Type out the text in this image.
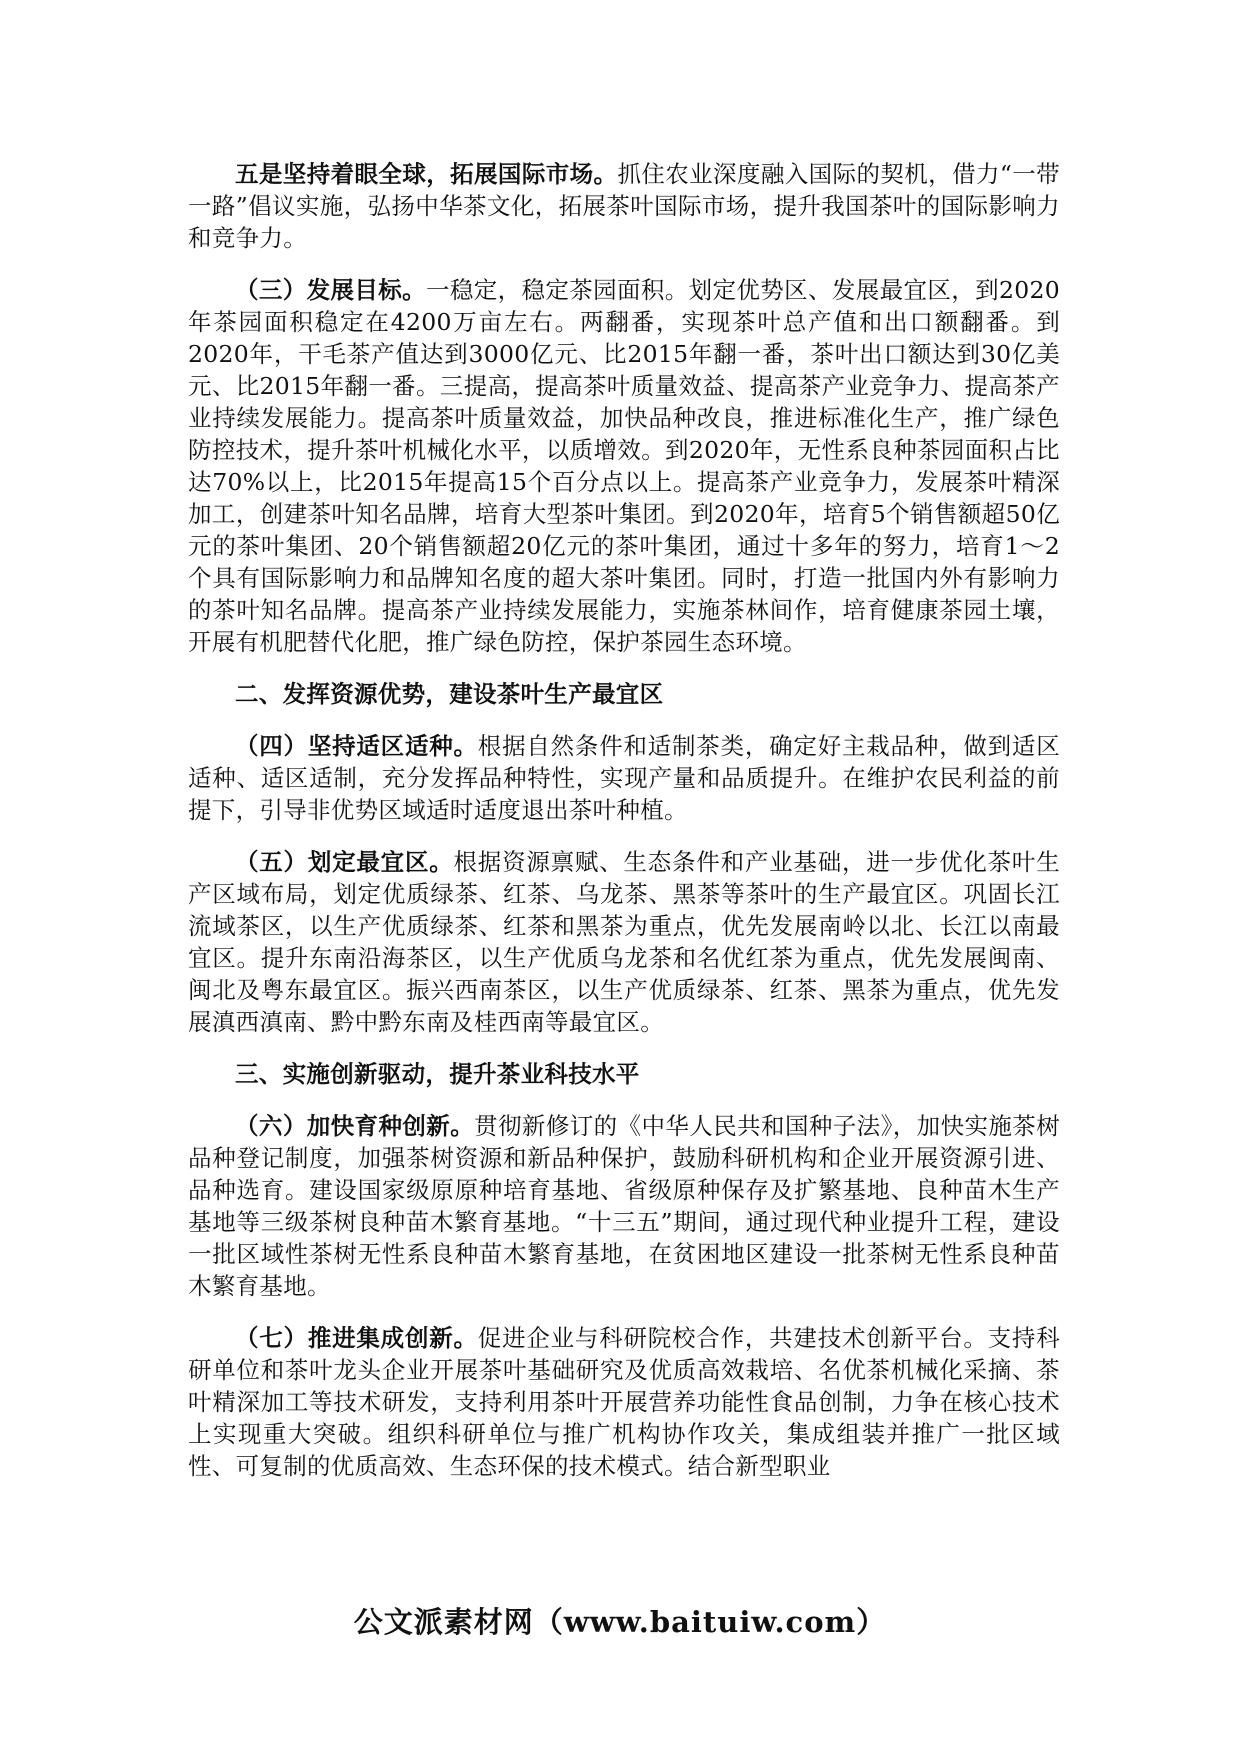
五是坚持着眼全球，拓展国际市场。抓住农业深度融入国际的契机，借力“一带一路”倡议实施，弘扬中华茶文化，拓展茶叶国际市场，提升我国茶叶的国际影响力和竞争力。

（三）发展目标。一稳定，稳定茶园面积。划定优势区、发展最宜区，到2020年茶园面积稳定在4200万亩左右。两翻番，实现茶叶总产值和出口额翻番。到2020年，干毛茶产值达到3000亿元、比2015年翻一番，茶叶出口额达到30亿美元、比2015年翻一番。三提高，提高茶叶质量效益、提高茶产业竞争力、提高茶产业持续发展能力。提高茶叶质量效益，加快品种改良，推进标准化生产，推广绿色防控技术，提升茶叶机械化水平，以质增效。到2020年，无性系良种茶园面积占比达70%以上，比2015年提高15个百分点以上。提高茶产业竞争力，发展茶叶精深加工，创建茶叶知名品牌，培育大型茶叶集团。到2020年，培育5个销售额超50亿元的茶叶集团、20个销售额超20亿元的茶叶集团，通过十多年的努力，培育1～2个具有国际影响力和品牌知名度的超大茶叶集团。同时，打造一批国内外有影响力的茶叶知名品牌。提高茶产业持续发展能力，实施茶林间作，培育健康茶园土壤，开展有机肥替代化肥，推广绿色防控，保护茶园生态环境。

二、发挥资源优势，建设茶叶生产最宜区

（四）坚持适区适种。根据自然条件和适制茶类，确定好主栽品种，做到适区适种、适区适制，充分发挥品种特性，实现产量和品质提升。在维护农民利益的前提下，引导非优势区域适时适度退出茶叶种植。

（五）划定最宜区。根据资源禀赋、生态条件和产业基础，进一步优化茶叶生产区域布局，划定优质绿茶、红茶、乌龙茶、黑茶等茶叶的生产最宜区。巩固长江流域茶区，以生产优质绿茶、红茶和黑茶为重点，优先发展南岭以北、长江以南最宜区。提升东南沿海茶区，以生产优质乌龙茶和名优红茶为重点，优先发展闽南、闽北及粤东最宜区。振兴西南茶区，以生产优质绿茶、红茶、黑茶为重点，优先发展滇西滇南、黔中黔东南及桂西南等最宜区。

三、实施创新驱动，提升茶业科技水平

（六）加快育种创新。贯彻新修订的《中华人民共和国种子法》，加快实施茶树品种登记制度，加强茶树资源和新品种保护，鼓励科研机构和企业开展资源引进、品种选育。建设国家级原原种培育基地、省级原种保存及扩繁基地、良种苗木生产基地等三级茶树良种苗木繁育基地。“十三五”期间，通过现代种业提升工程，建设一批区域性茶树无性系良种苗木繁育基地，在贫困地区建设一批茶树无性系良种苗木繁育基地。

（七）推进集成创新。促进企业与科研院校合作，共建技术创新平台。支持科研单位和茶叶龙头企业开展茶叶基础研究及优质高效栽培、名优茶机械化采摘、茶叶精深加工等技术研发，支持利用茶叶开展营养功能性食品创制，力争在核心技术上实现重大突破。组织科研单位与推广机构协作攻关，集成组装并推广一批区域性、可复制的优质高效、生态环保的技术模式。结合新型职业

公文派素材网（www.baituiw.com）
